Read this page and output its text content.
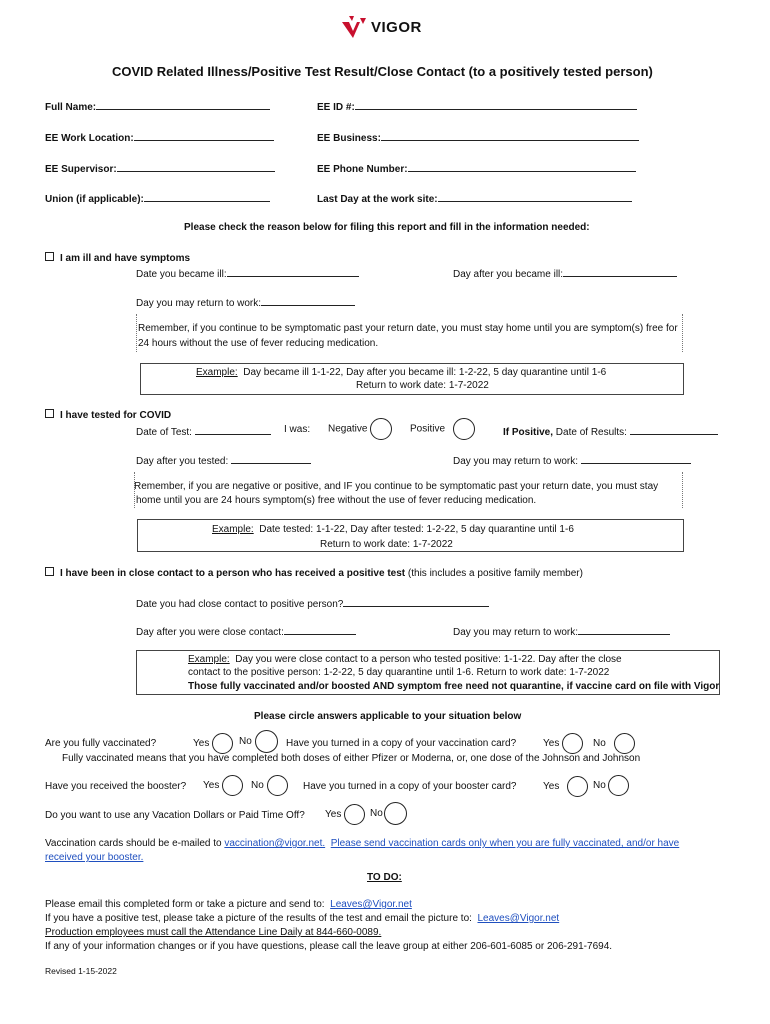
VIGOR
COVID Related Illness/Positive Test Result/Close Contact (to a positively tested person)
Full Name:	EE ID #:
EE Work Location:	EE Business:
EE Supervisor:	EE Phone Number:
Union (if applicable):	Last Day at the work site:
Please check the reason below for filing this report and fill in the information needed:
I am ill and have symptoms
Date you became ill:	Day after you became ill:
Day you may return to work:
Remember, if you continue to be symptomatic past your return date, you must stay home until you are symptom(s) free for
24 hours without the use of fever reducing medication.
Example: Day became ill 1-1-22, Day after you became ill: 1-2-22, 5 day quarantine until 1-6
Return to work date: 1-7-2022
I have tested for COVID
Date of Test:	I was: Negative	Positive	If Positive, Date of Results:
Day after you tested:	Day you may return to work:
Remember, if you are negative or positive, and IF you continue to be symptomatic past your return date, you must stay
home until you are 24 hours symptom(s) free without the use of fever reducing medication.
Example: Date tested: 1-1-22, Day after tested: 1-2-22, 5 day quarantine until 1-6
Return to work date: 1-7-2022
I have been in close contact to a person who has received a positive test (this includes a positive family member)
Date you had close contact to positive person?
Day after you were close contact:	Day you may return to work:
Example: Day you were close contact to a person who tested positive: 1-1-22. Day after the close
contact to the positive person: 1-2-22, 5 day quarantine until 1-6. Return to work date: 1-7-2022
Those fully vaccinated and/or boosted AND symptom free need not quarantine, if vaccine card on file with Vigor
Please circle answers applicable to your situation below
Are you fully vaccinated?	Yes	No	Have you turned in a copy of your vaccination card?	Yes	No
Fully vaccinated means that you have completed both doses of either Pfizer or Moderna, or, one dose of the Johnson and Johnson
Have you received the booster? Yes	No	Have you turned in a copy of your booster card?	Yes	No
Do you want to use any Vacation Dollars or Paid Time Off? Yes	No
Vaccination cards should be e-mailed to vaccination@vigor.net. Please send vaccination cards only when you are fully vaccinated, and/or have
received your booster.
TO DO:
Please email this completed form or take a picture and send to: Leaves@Vigor.net
If you have a positive test, please take a picture of the results of the test and email the picture to: Leaves@Vigor.net
Production employees must call the Attendance Line Daily at 844-660-0089.
If any of your information changes or if you have questions, please call the leave group at either 206-601-6085 or 206-291-7694.
Revised 1-15-2022
